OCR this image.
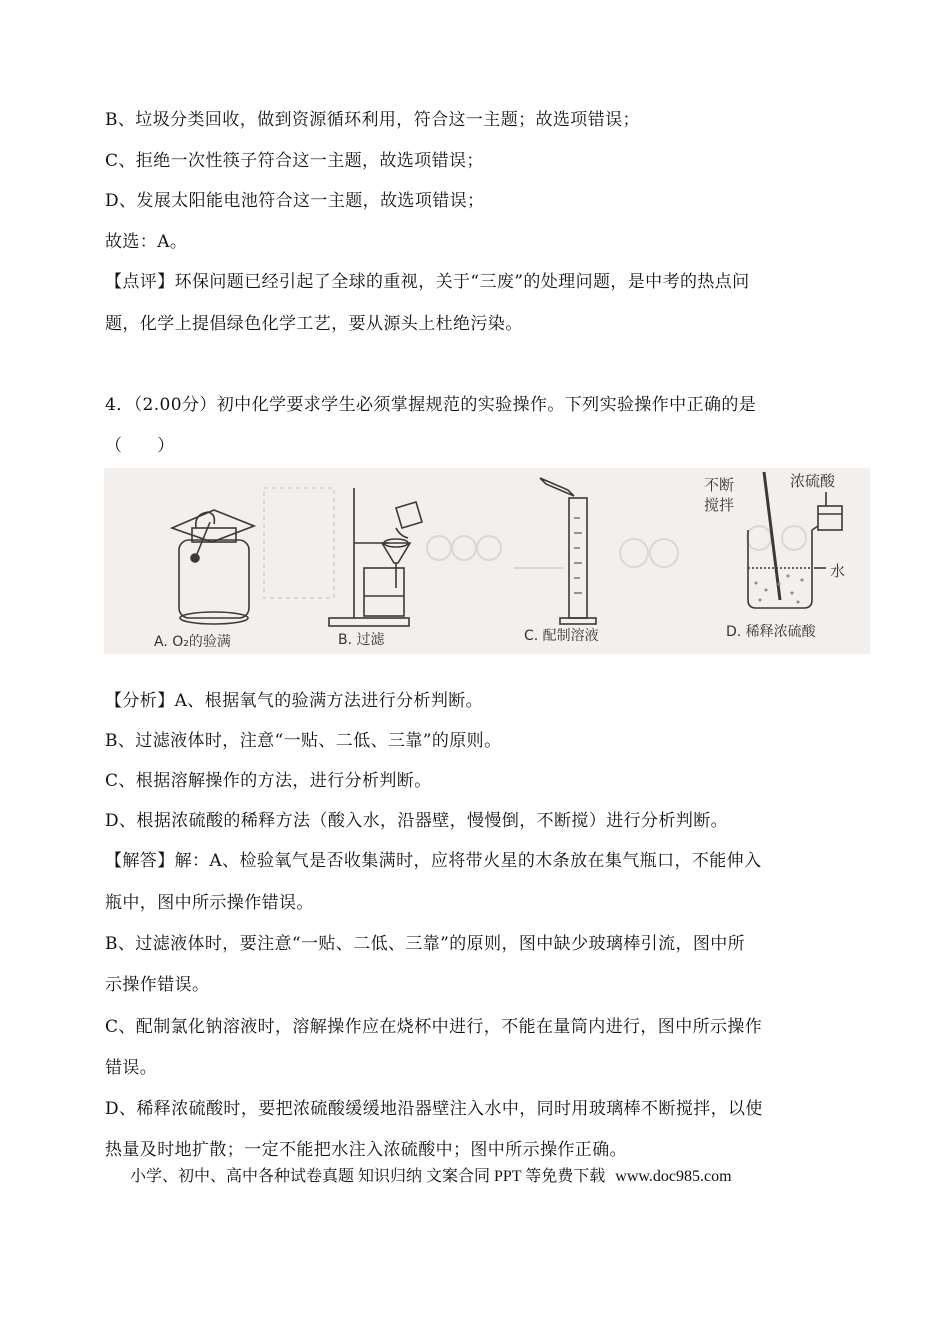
B、垃圾分类回收，做到资源循环利用，符合这一主题；故选项错误；
C、拒绝一次性筷子符合这一主题，故选项错误；
D、发展太阳能电池符合这一主题，故选项错误；
故选：A。
【点评】环保问题已经引起了全球的重视，关于“三废”的处理问题，是中考的热点问
题，化学上提倡绿色化学工艺，要从源头上杜绝污染。
4．（2.00分）初中化学要求学生必须掌握规范的实验操作。下列实验操作中正确的是
（　　）
不断
搅拌
浓硫酸
水
A. O₂的验满	B. 过滤	C. 配制溶液	D. 稀释浓硫酸
【分析】A、根据氧气的验满方法进行分析判断。
B、过滤液体时，注意“一贴、二低、三靠”的原则。
C、根据溶解操作的方法，进行分析判断。
D、根据浓硫酸的稀释方法（酸入水，沿器壁，慢慢倒，不断搅）进行分析判断。
【解答】解：A、检验氧气是否收集满时，应将带火星的木条放在集气瓶口，不能伸入
瓶中，图中所示操作错误。
B、过滤液体时，要注意“一贴、二低、三靠”的原则，图中缺少玻璃棒引流，图中所
示操作错误。
C、配制氯化钠溶液时，溶解操作应在烧杯中进行，不能在量筒内进行，图中所示操作
错误。
D、稀释浓硫酸时，要把浓硫酸缓缓地沿器壁注入水中，同时用玻璃棒不断搅拌，以使
热量及时地扩散；一定不能把水注入浓硫酸中；图中所示操作正确。
小学、初中、高中各种试卷真题 知识归纳 文案合同 PPT 等免费下载 www.doc985.com
